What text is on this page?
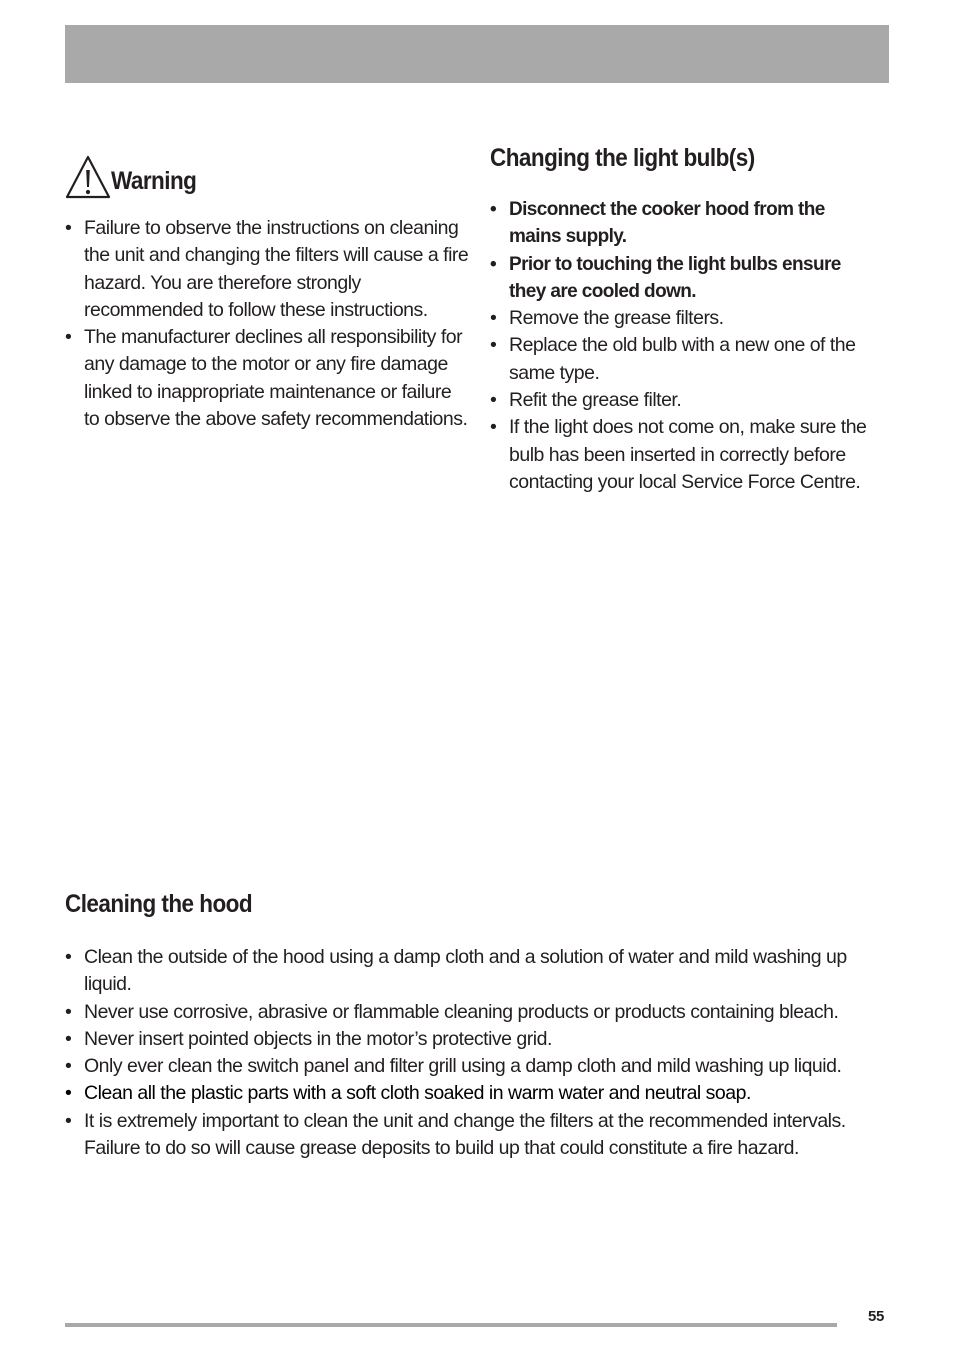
Warning
• Failure to observe the instructions on cleaning the unit and changing the filters will cause a fire hazard. You are therefore strongly recommended to follow these instructions.
• The manufacturer declines all responsibility for any damage to the motor or any fire damage linked to inappropriate maintenance or failure to observe the above safety recommendations.
Changing the light bulb(s)
• Disconnect the cooker hood from the mains supply.
• Prior to touching the light bulbs ensure they are cooled down.
• Remove the grease filters.
• Replace the old bulb with a new one of the same type.
• Refit the grease filter.
• If the light does not come on, make sure the bulb has been inserted in correctly before contacting your local Service Force Centre.
Cleaning the hood
• Clean the outside of the hood using a damp cloth and a solution of water and mild washing up liquid.
• Never use corrosive, abrasive or flammable cleaning products or products containing bleach.
• Never insert pointed objects in the motor’s protective grid.
• Only ever clean the switch panel and filter grill using a damp cloth and mild washing up liquid.
• Clean all the plastic parts with a soft cloth soaked in warm water and neutral soap.
• It is extremely important to clean the unit and change the filters at the recommended intervals. Failure to do so will cause grease deposits to build up that could constitute a fire hazard.
55
